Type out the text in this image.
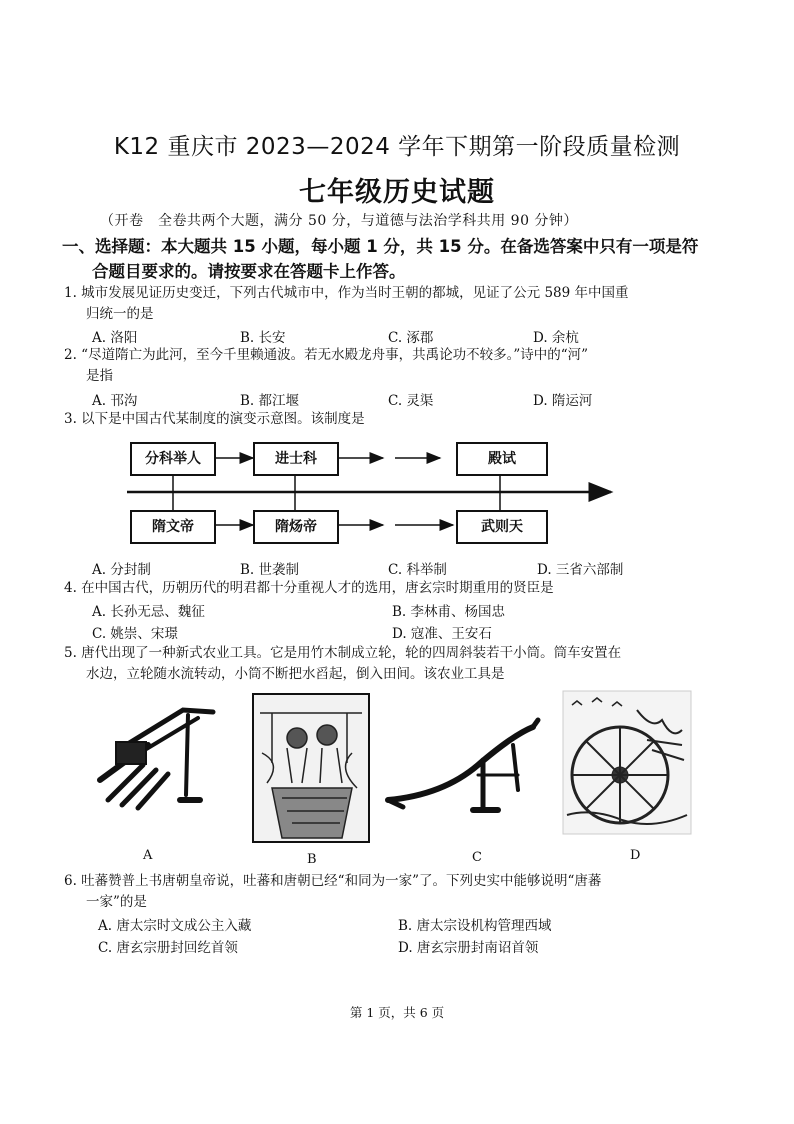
K12 重庆市 2023—2024 学年下期第一阶段质量检测
七年级历史试题
（开卷　全卷共两个大题，满分 50 分，与道德与法治学科共用 90 分钟）
一、选择题：本大题共 15 小题，每小题 1 分，共 15 分。在备选答案中只有一项是符
合题目要求的。请按要求在答题卡上作答。
1. 城市发展见证历史变迁，下列古代城市中，作为当时王朝的都城，见证了公元 589 年中国重
归统一的是
A. 洛阳	B. 长安	C. 涿郡	D. 余杭
2. “尽道隋亡为此河，至今千里赖通波。若无水殿龙舟事，共禹论功不较多。”诗中的“河”
是指
A. 邗沟	B. 都江堰	C. 灵渠	D. 隋运河
3. 以下是中国古代某制度的演变示意图。该制度是
分科举人	进士科	殿试
隋文帝	隋炀帝	武则天
A. 分封制	B. 世袭制	C. 科举制	D. 三省六部制
4. 在中国古代，历朝历代的明君都十分重视人才的选用，唐玄宗时期重用的贤臣是
A. 长孙无忌、魏征	B. 李林甫、杨国忠
C. 姚崇、宋璟	D. 寇准、王安石
5. 唐代出现了一种新式农业工具。它是用竹木制成立轮，轮的四周斜装若干小筒。筒车安置在
水边，立轮随水流转动，小筒不断把水舀起，倒入田间。该农业工具是
A	B	C	D
6. 吐蕃赞普上书唐朝皇帝说，吐蕃和唐朝已经“和同为一家”了。下列史实中能够说明“唐蕃
一家”的是
A. 唐太宗时文成公主入藏	B. 唐太宗设机构管理西域
C. 唐玄宗册封回纥首领	D. 唐玄宗册封南诏首领
第 1 页，共 6 页
